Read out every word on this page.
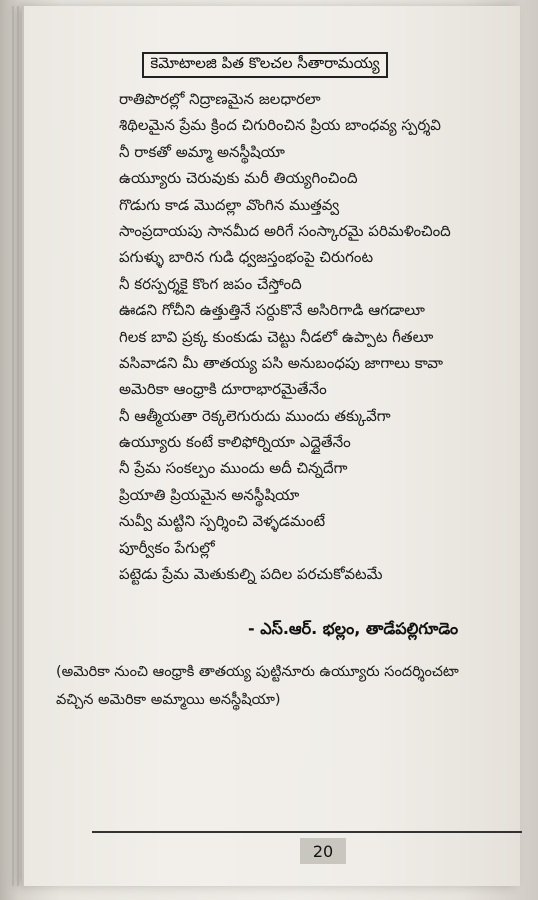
కెమోటాలజి పిత కొలచల సీతారామయ్య
రాతిపొరల్లో నిద్రాణమైన జలధారలా
శిథిలమైన ప్రేమ క్రింద చిగురించిన ప్రియ బాంధవ్య స్పర్శవి
నీ రాకతో అమ్మా అనస్థీషియా
ఉయ్యూరు చెరువుకు మరీ తియ్యగించింది
గొడుగు కాడ మొదల్లా వొంగిన ముత్తవ్వ
సాంప్రదాయపు సానమీద అరిగే సంస్కారమై పరిమళించింది
పగుళ్ళు బారిన గుడి ధ్వజస్తంభంపై చిరుగంట
నీ కరస్పర్శకై కొంగ జపం చేస్తోంది
ఊడని గోచీని ఉత్తుత్తినే సర్దుకొనే అసిరిగాడి ఆగడాలూ
గిలక బావి ప్రక్క కుంకుడు చెట్టు నీడలో ఉప్పాట గీతలూ
వసివాడని మీ తాతయ్య పసి అనుబంధపు జాగాలు కావా
అమెరికా ఆంధ్రాకి దూరాభారమైతేనేం
నీ ఆత్మీయతా రెక్కలెగురుదు ముందు తక్కువేగా
ఉయ్యూరు కంటే కాలిఫోర్నియా ఎద్దైతేనేం
నీ ప్రేమ సంకల్పం ముందు అదీ చిన్నదేగా
ప్రియాతి ప్రియమైన అనస్థీషియా
నువ్వీ మట్టిని స్పర్శించి వెళ్ళడమంటే
పూర్వీకం పేగుల్లో
పట్టెడు ప్రేమ మెతుకుల్ని పదిల పరచుకోవటమే
- ఎస్.ఆర్. భల్లం, తాడేపల్లిగూడెం
(అమెరికా నుంచి ఆంధ్రాకి తాతయ్య పుట్టినూరు ఉయ్యూరు సందర్శించటా
వచ్చిన అమెరికా అమ్మాయి అనస్థీషియా)
20
